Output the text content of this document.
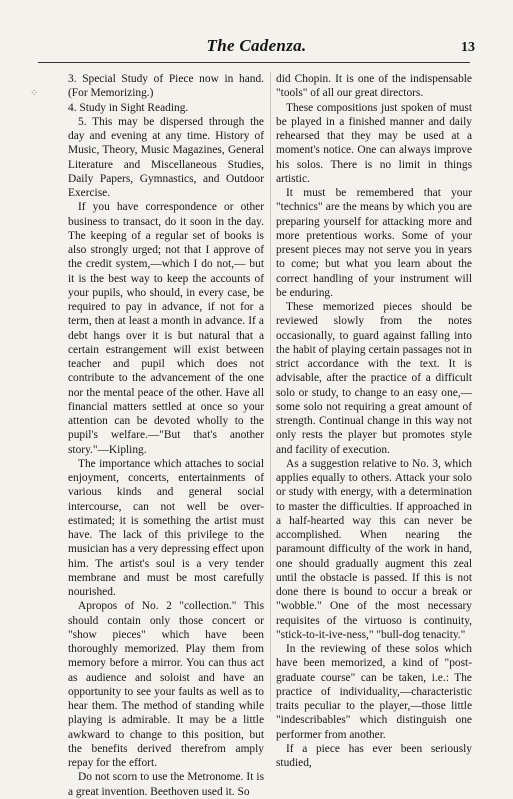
The Cadenza.	13
⁘

3. Special Study of Piece now in hand. (For Memorizing.)

4. Study in Sight Reading.

5. This may be dispersed through the day and evening at any time. History of Music, Theory, Music Magazines, General Literature and Miscellaneous Studies, Daily Papers, Gymnastics, and Outdoor Exercise.

If you have correspondence or other business to transact, do it soon in the day. The keeping of a regular set of books is also strongly urged; not that I approve of the credit system,—which I do not,— but it is the best way to keep the accounts of your pupils, who should, in every case, be required to pay in advance, if not for a term, then at least a month in advance. If a debt hangs over it is but natural that a certain estrangement will exist between teacher and pupil which does not contribute to the advancement of the one nor the mental peace of the other. Have all financial matters settled at once so your attention can be devoted wholly to the pupil's welfare.—"But that's another story."—Kipling.

The importance which attaches to social enjoyment, concerts, entertainments of various kinds and general social intercourse, can not well be over-estimated; it is something the artist must have. The lack of this privilege to the musician has a very depressing effect upon him. The artist's soul is a very tender membrane and must be most carefully nourished.

Apropos of No. 2 "collection." This should contain only those concert or "show pieces" which have been thoroughly memorized. Play them from memory before a mirror. You can thus act as audience and soloist and have an opportunity to see your faults as well as to hear them. The method of standing while playing is admirable. It may be a little awkward to change to this position, but the benefits derived therefrom amply repay for the effort.

Do not scorn to use the Metronome. It is a great invention. Beethoven used it. So

did Chopin. It is one of the indispensable "tools" of all our great directors.

These compositions just spoken of must be played in a finished manner and daily rehearsed that they may be used at a moment's notice. One can always improve his solos. There is no limit in things artistic.

It must be remembered that your "technics" are the means by which you are preparing yourself for attacking more and more pretentious works. Some of your present pieces may not serve you in years to come; but what you learn about the correct handling of your instrument will be enduring.

These memorized pieces should be reviewed slowly from the notes occasionally, to guard against falling into the habit of playing certain passages not in strict accordance with the text. It is advisable, after the practice of a difficult solo or study, to change to an easy one,—some solo not requiring a great amount of strength. Continual change in this way not only rests the player but promotes style and facility of execution.

As a suggestion relative to No. 3, which applies equally to others. Attack your solo or study with energy, with a determination to master the difficulties. If approached in a half-hearted way this can never be accomplished. When nearing the paramount difficulty of the work in hand, one should gradually augment this zeal until the obstacle is passed. If this is not done there is bound to occur a break or "wobble." One of the most necessary requisites of the virtuoso is continuity, "stick-to-it-ive-ness," "bull-dog tenacity."

In the reviewing of these solos which have been memorized, a kind of "post-graduate course" can be taken, i.e.: The practice of individuality,—characteristic traits peculiar to the player,—those little "indescribables" which distinguish one performer from another.

If a piece has ever been seriously studied,
